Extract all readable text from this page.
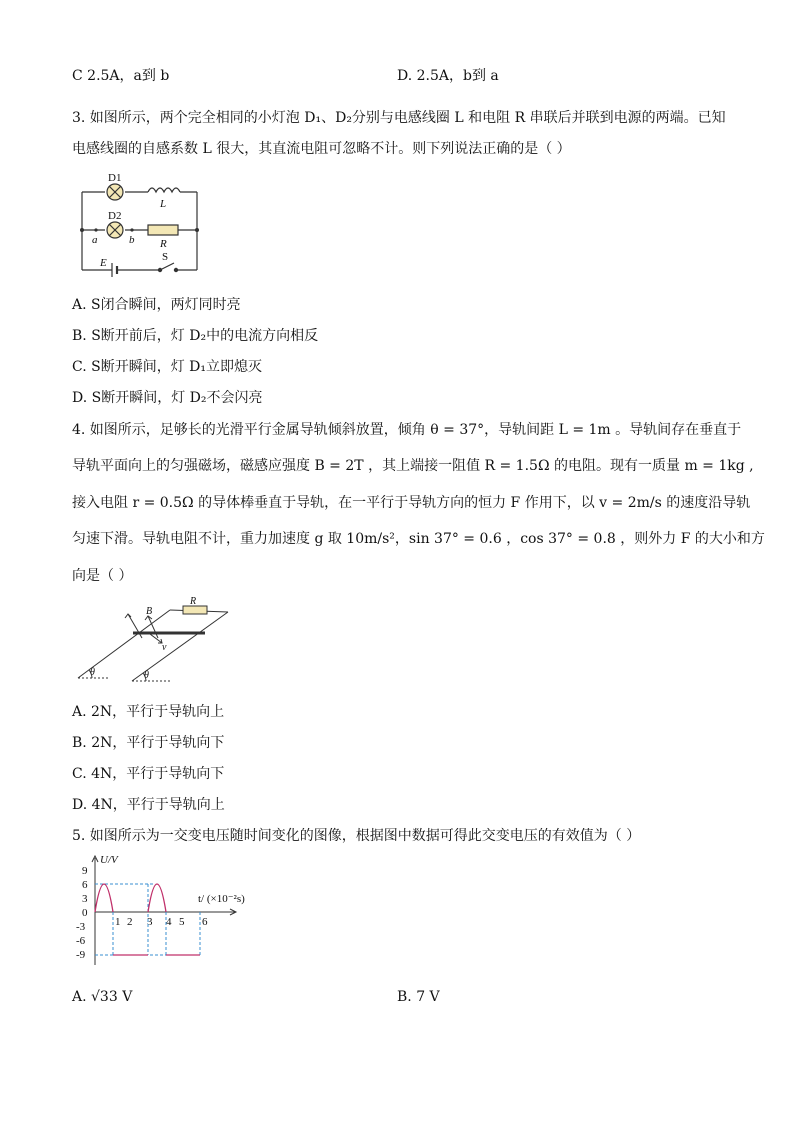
C 2.5A，a到 b	D. 2.5A，b到 a
3. 如图所示，两个完全相同的小灯泡 D₁、D₂分别与电感线圈 L 和电阻 R 串联后并联到电源的两端。已知
电感线圈的自感系数 L 很大，其直流电阻可忽略不计。则下列说法正确的是（ ）
D1
D2
L
R
a	b
E	S
A. S闭合瞬间，两灯同时亮
B. S断开前后，灯 D₂中的电流方向相反
C. S断开瞬间，灯 D₁立即熄灭
D. S断开瞬间，灯 D₂不会闪亮
4. 如图所示，足够长的光滑平行金属导轨倾斜放置，倾角 θ = 37°，导轨间距 L = 1m 。导轨间存在垂直于
导轨平面向上的匀强磁场，磁感应强度 B = 2T ，其上端接一阻值 R = 1.5Ω 的电阻。现有一质量 m = 1kg ,
接入电阻 r = 0.5Ω 的导体棒垂直于导轨，在一平行于导轨方向的恒力 F 作用下，以 v = 2m/s 的速度沿导轨
匀速下滑。导轨电阻不计，重力加速度 g 取 10m/s²，sin 37° = 0.6 ，cos 37° = 0.8 ，则外力 F 的大小和方
向是（ ）
B
R
v
θ	θ
A. 2N，平行于导轨向上
B. 2N，平行于导轨向下
C. 4N，平行于导轨向下
D. 4N，平行于导轨向上
5. 如图所示为一交变电压随时间变化的图像，根据图中数据可得此交变电压的有效值为（ ）
U/V
t/ (×10⁻²s)
9
6
3
0
-3
-6
-9
1 2 3 4 5 6
A. √33 V	B. 7 V
